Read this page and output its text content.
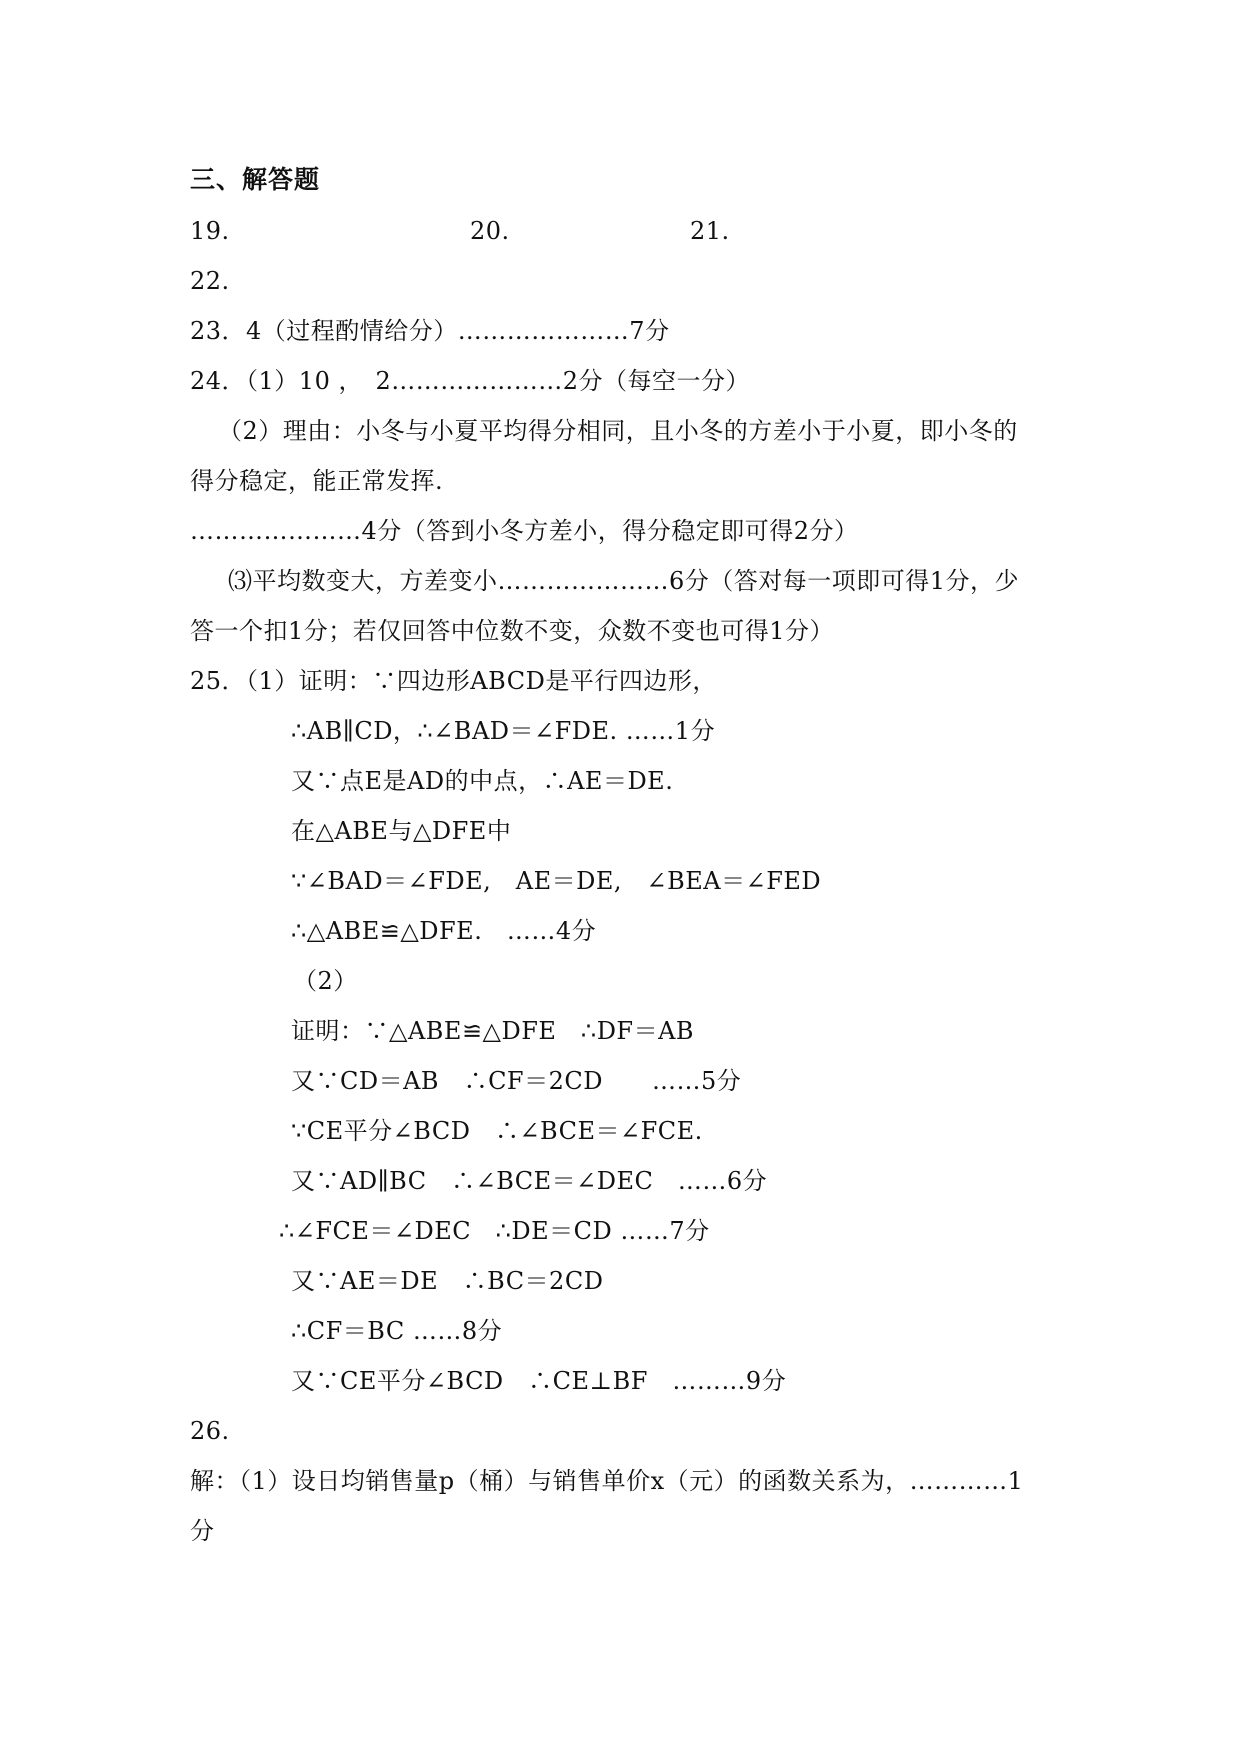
三、解答题
19.	20.	21.
22.
23．4（过程酌情给分）…………………7分
24．（1）10 ，　2…………………2分（每空一分）
（2）理由：小冬与小夏平均得分相同，且小冬的方差小于小夏，即小冬的
得分稳定，能正常发挥.
…………………4分（答到小冬方差小，得分稳定即可得2分）
⑶平均数变大，方差变小…………………6分（答对每一项即可得1分，少
答一个扣1分；若仅回答中位数不变，众数不变也可得1分）
25．（1）证明：∵四边形ABCD是平行四边形，
∴AB∥CD，∴∠BAD＝∠FDE. ……1分
又∵点E是AD的中点，∴AE＝DE.
在△ABE与△DFE中
∵∠BAD＝∠FDE,　AE＝DE,　∠BEA＝∠FED
∴△ABE≌△DFE.　……4分
（2）
证明：∵△ABE≌△DFE　∴DF＝AB
又∵CD＝AB　∴CF＝2CD　　……5分
∵CE平分∠BCD　∴∠BCE＝∠FCE.
又∵AD∥BC　∴∠BCE＝∠DEC　……6分
∴∠FCE＝∠DEC　∴DE＝CD ……7分
又∵AE＝DE　∴BC＝2CD
∴CF＝BC ……8分
又∵CE平分∠BCD　∴CE⊥BF　………9分
26.
解：（1）设日均销售量p（桶）与销售单价x（元）的函数关系为，…………1
分
